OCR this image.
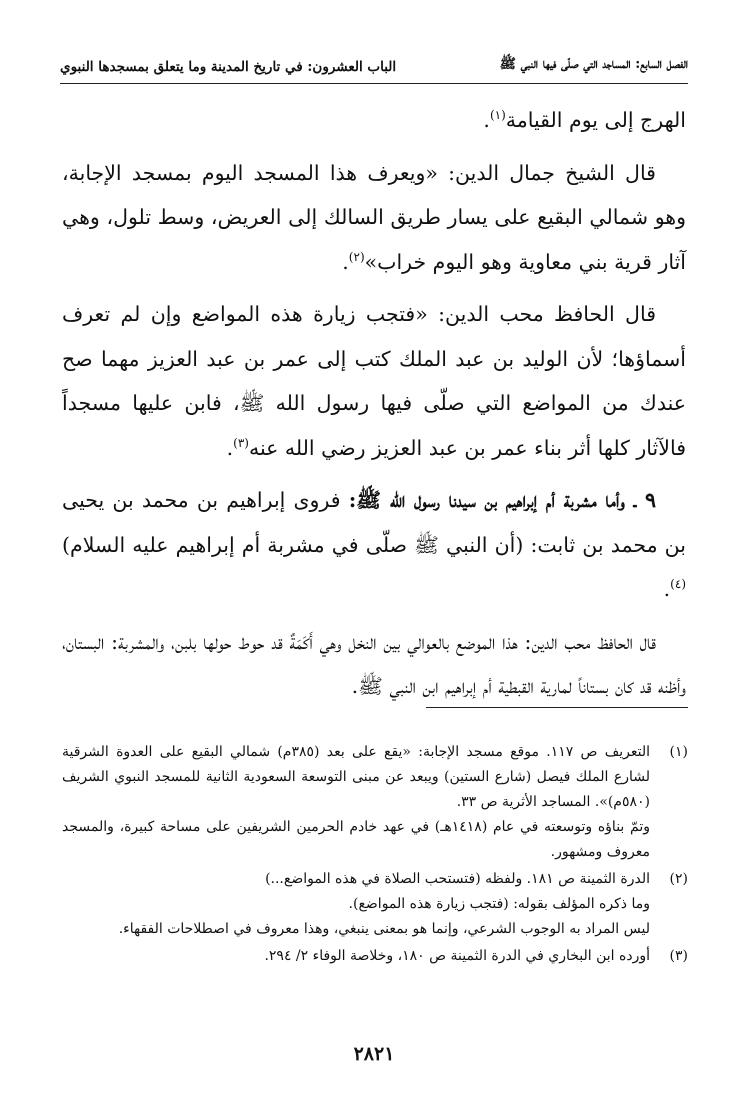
الفصل السابع: المساجد التي صلّى فيها النبي ﷺ
الباب العشرون: في تاريخ المدينة وما يتعلق بمسجدها النبوي

الهرج إلى يوم القيامة$^{(١)}$.

قال الشيخ جمال الدين: «ويعرف هذا المسجد اليوم بمسجد الإجابة، وهو شمالي البقيع على يسار طريق السالك إلى العريض، وسط تلول، وهي آثار قرية بني معاوية وهو اليوم خراب»$^{(٢)}$.

قال الحافظ محب الدين: «فتجب زيارة هذه المواضع وإن لم تعرف أسماؤها؛ لأن الوليد بن عبد الملك كتب إلى عمر بن عبد العزيز مهما صح عندك من المواضع التي صلّى فيها رسول الله ﷺ، فابن عليها مسجداً فالآثار كلها أثر بناء عمر بن عبد العزيز رضي الله عنه$^{(٣)}$.

٩ ـ وأما مشربة أم إبراهيم بن سيدنا رسول الله ﷺ: فروى إبراهيم بن محمد بن يحيى بن محمد بن ثابت: (أن النبي ﷺ صلّى في مشربة أم إبراهيم عليه السلام)$^{(٤)}$.

قال الحافظ محب الدين: هذا الموضع بالعوالي بين النخل وهي أَكَمَةٌ قد حوط حولها بلبن، والمشربة: البستان، وأظنه قد كان بستاناً لمارية القبطية أم إبراهيم ابن النبي ﷺ.

(١)
التعريف ص ١١٧. موقع مسجد الإجابة: «يقع على بعد (٣٨٥م) شمالي البقيع على العدوة الشرقية لشارع الملك فيصل (شارع الستين) ويبعد عن مبنى التوسعة السعودية الثانية للمسجد النبوي الشريف (٥٨٠م)». المساجد الأثرية ص ٣٣.
وتمّ بناؤه وتوسعته في عام (١٤١٨هـ) في عهد خادم الحرمين الشريفين على مساحة كبيرة، والمسجد معروف ومشهور.
(٢)
الدرة الثمينة ص ١٨١. ولفظه (فتستحب الصلاة في هذه المواضع...)
وما ذكره المؤلف بقوله: (فتجب زيارة هذه المواضع).
ليس المراد به الوجوب الشرعي، وإنما هو بمعنى ينبغي، وهذا معروف في اصطلاحات الفقهاء.
(٣)
أورده ابن البخاري في الدرة الثمينة ص ١٨٠، وخلاصة الوفاء ٢/ ٢٩٤.
٢٨٢١
